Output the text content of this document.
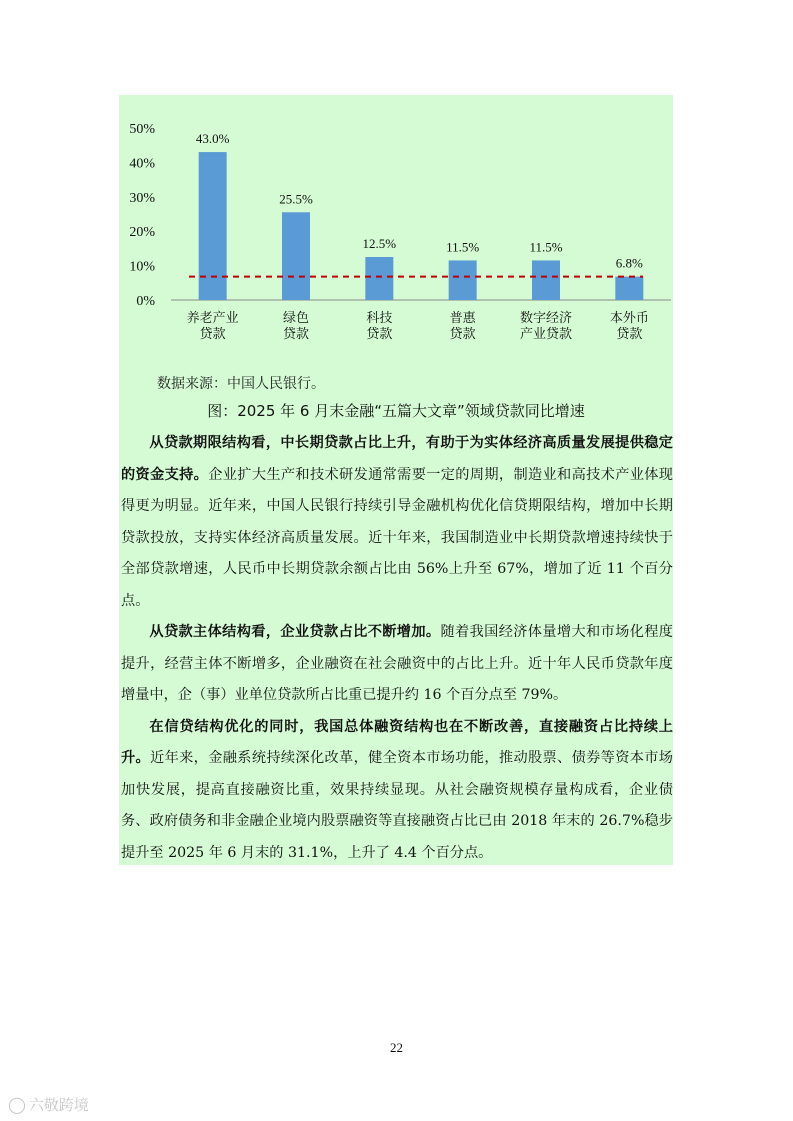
0%
10%
20%
30%
40%
50%
43.0%
养老产业
贷款
25.5%
绿色
贷款
12.5%
科技
贷款
11.5%
普惠
贷款
11.5%
数字经济
产业贷款
6.8%
本外币
贷款
数据来源：中国人民银行。
图：2025 年 6 月末金融“五篇大文章”领域贷款同比增速

从贷款期限结构看，中长期贷款占比上升，有助于为实体经济高质量发展提供稳定的资金支持。企业扩大生产和技术研发通常需要一定的周期，制造业和高技术产业体现得更为明显。近年来，中国人民银行持续引导金融机构优化信贷期限结构，增加中长期贷款投放，支持实体经济高质量发展。近十年来，我国制造业中长期贷款增速持续快于全部贷款增速，人民币中长期贷款余额占比由 56%上升至 67%，增加了近 11 个百分点。

从贷款主体结构看，企业贷款占比不断增加。随着我国经济体量增大和市场化程度提升，经营主体不断增多，企业融资在社会融资中的占比上升。近十年人民币贷款年度增量中，企（事）业单位贷款所占比重已提升约 16 个百分点至 79%。

在信贷结构优化的同时，我国总体融资结构也在不断改善，直接融资占比持续上升。近年来，金融系统持续深化改革，健全资本市场功能，推动股票、债券等资本市场加快发展，提高直接融资比重，效果持续显现。从社会融资规模存量构成看，企业债务、政府债务和非金融企业境内股票融资等直接融资占比已由 2018 年末的 26.7%稳步提升至 2025 年 6 月末的 31.1%，上升了 4.4 个百分点。

22
◯ 六敬跨境
